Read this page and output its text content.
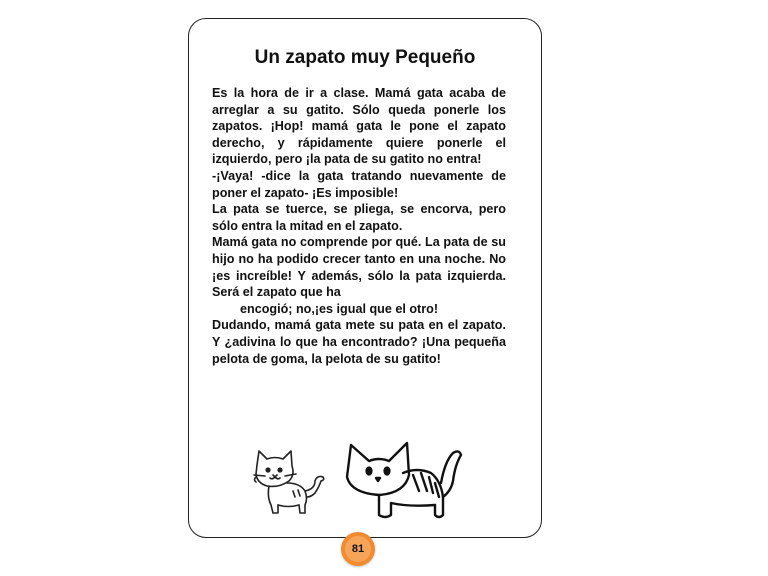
Un zapato muy Pequeño

Es la hora de ir a clase. Mamá gata acaba de arreglar a su gatito. Sólo queda ponerle los zapatos. ¡Hop! mamá gata le pone el zapato derecho, y rápidamente quiere ponerle el izquierdo, pero ¡la pata de su gatito no entra!

-¡Vaya! -dice la gata tratando nuevamente de poner el zapato- ¡Es imposible!

La pata se tuerce, se pliega, se encorva, pero sólo entra la mitad en el zapato.

Mamá gata no comprende por qué. La pata de su hijo no ha podido crecer tanto en una noche. No ¡es increíble! Y además, sólo la pata izquierda. Será el zapato que ha

encogió; no,¡es igual que el otro!

Dudando, mamá gata mete su pata en el zapato. Y ¿adivina lo que ha encontrado? ¡Una pequeña pelota de goma, la pelota de su gatito!

81
